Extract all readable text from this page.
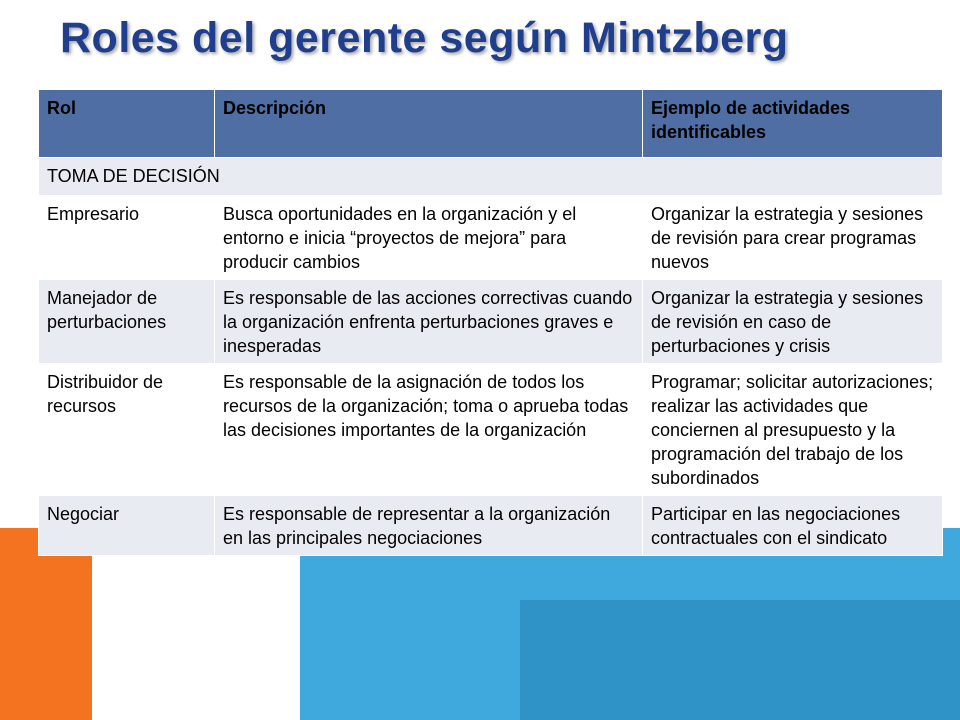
Roles del gerente según Mintzberg
Rol	Descripción	Ejemplo de actividades identificables
TOMA DE DECISIÓN		
Empresario	Busca oportunidades en la organización y el entorno e inicia “proyectos de mejora” para producir cambios	Organizar la estrategia y sesiones de revisión para crear programas nuevos
Manejador de perturbaciones	Es responsable de las acciones correctivas cuando la organización enfrenta perturbaciones graves e inesperadas	Organizar la estrategia y sesiones de revisión en caso de perturbaciones y crisis
Distribuidor de recursos	Es responsable de la asignación de todos los recursos de la organización; toma o aprueba todas las decisiones importantes de la organización	Programar; solicitar autorizaciones; realizar las actividades que conciernen al presupuesto y la programación del trabajo de los subordinados
Negociar	Es responsable de representar a la organización en las principales negociaciones	Participar en las negociaciones contractuales con el sindicato
